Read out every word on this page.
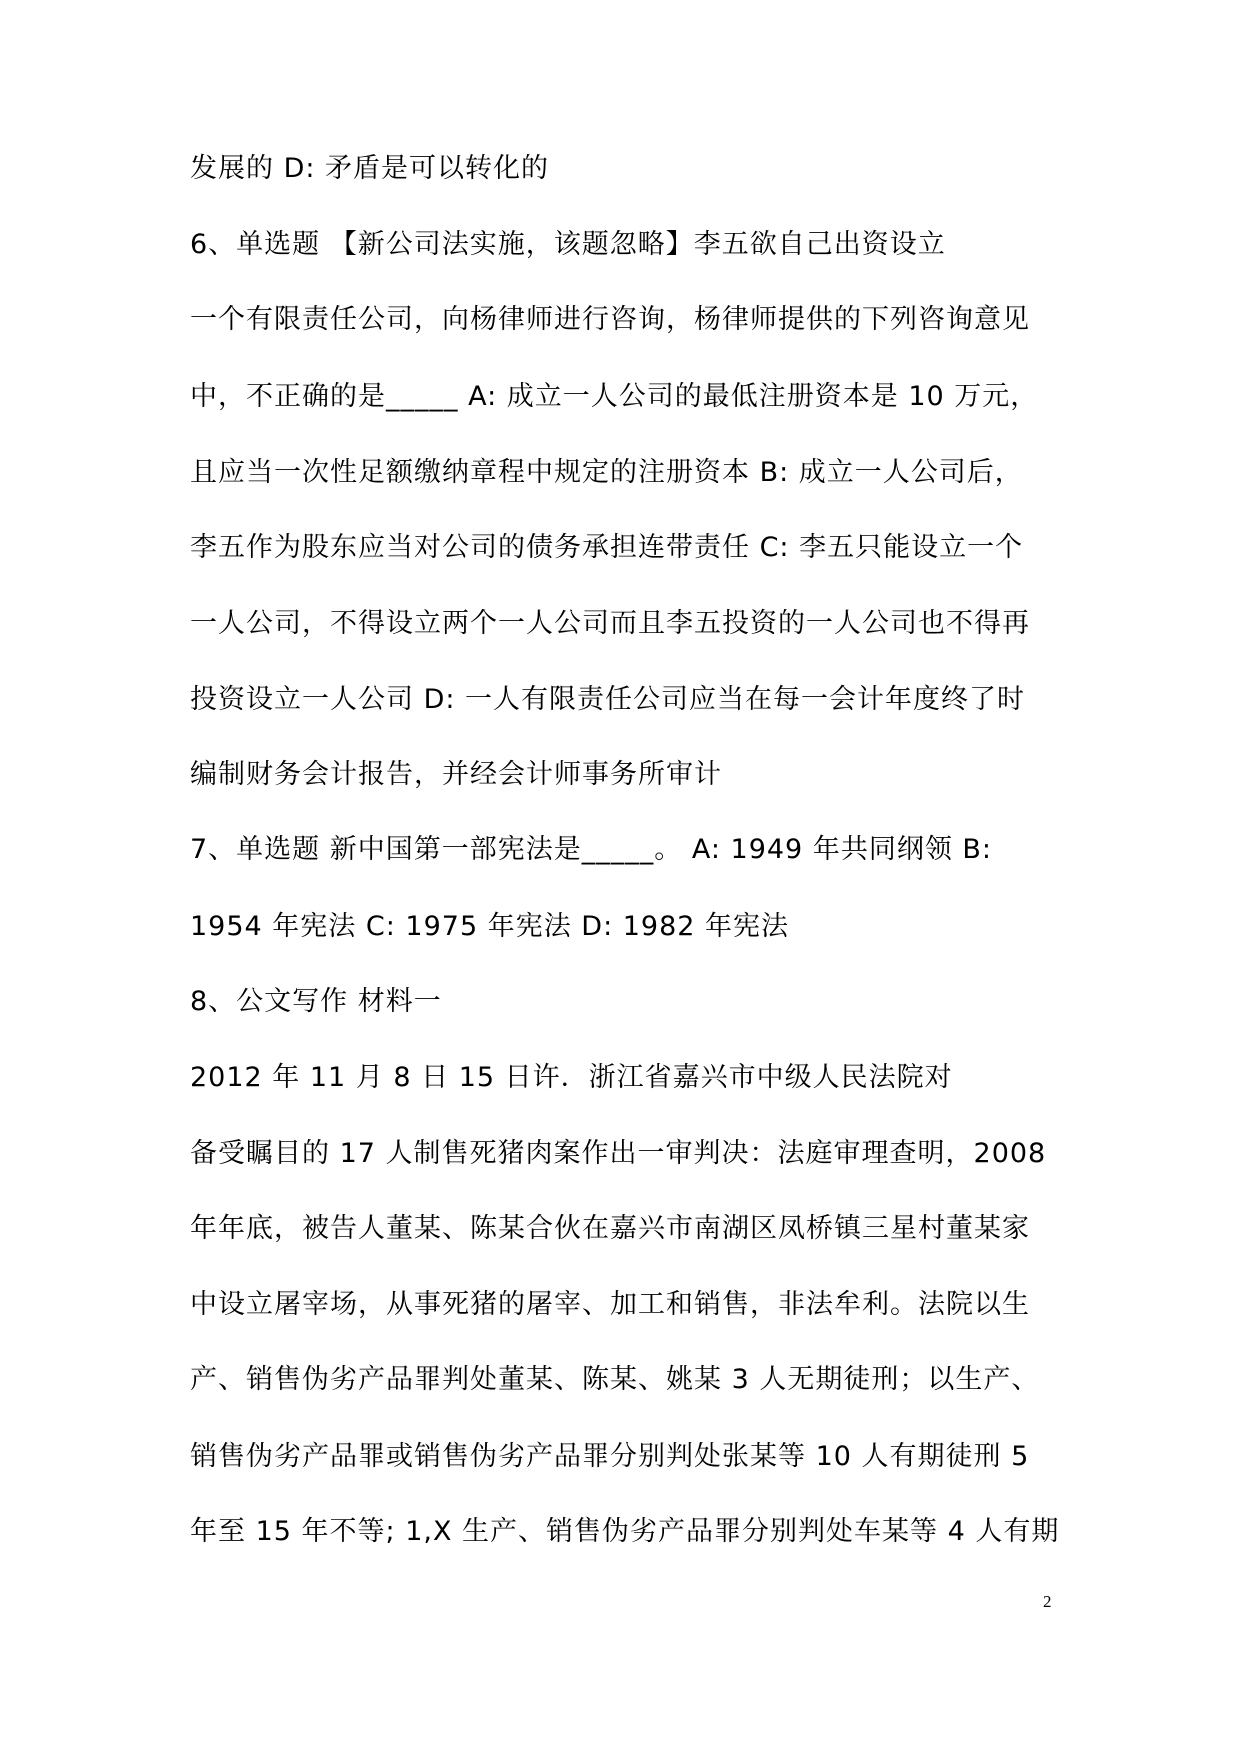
发展的 D: 矛盾是可以转化的
6、单选题 【新公司法实施，该题忽略】李五欲自己出资设立
一个有限责任公司，向杨律师进行咨询，杨律师提供的下列咨询意见
中，不正确的是_____ A: 成立一人公司的最低注册资本是 10 万元，
且应当一次性足额缴纳章程中规定的注册资本 B: 成立一人公司后，
李五作为股东应当对公司的债务承担连带责任 C: 李五只能设立一个
一人公司，不得设立两个一人公司而且李五投资的一人公司也不得再
投资设立一人公司 D: 一人有限责任公司应当在每一会计年度终了时
编制财务会计报告，并经会计师事务所审计
7、单选题 新中国第一部宪法是_____。 A: 1949 年共同纲领 B:
1954 年宪法 C: 1975 年宪法 D: 1982 年宪法
8、公文写作 材料一
2012 年 11 月 8 日 15 日许．浙江省嘉兴市中级人民法院对
备受瞩目的 17 人制售死猪肉案作出一审判决：法庭审理查明，2008
年年底，被告人董某、陈某合伙在嘉兴市南湖区凤桥镇三星村董某家
中设立屠宰场，从事死猪的屠宰、加工和销售，非法牟利。法院以生
产、销售伪劣产品罪判处董某、陈某、姚某 3 人无期徒刑；以生产、
销售伪劣产品罪或销售伪劣产品罪分别判处张某等 10 人有期徒刑 5
年至 15 年不等; 1,X 生产、销售伪劣产品罪分别判处车某等 4 人有期
2
